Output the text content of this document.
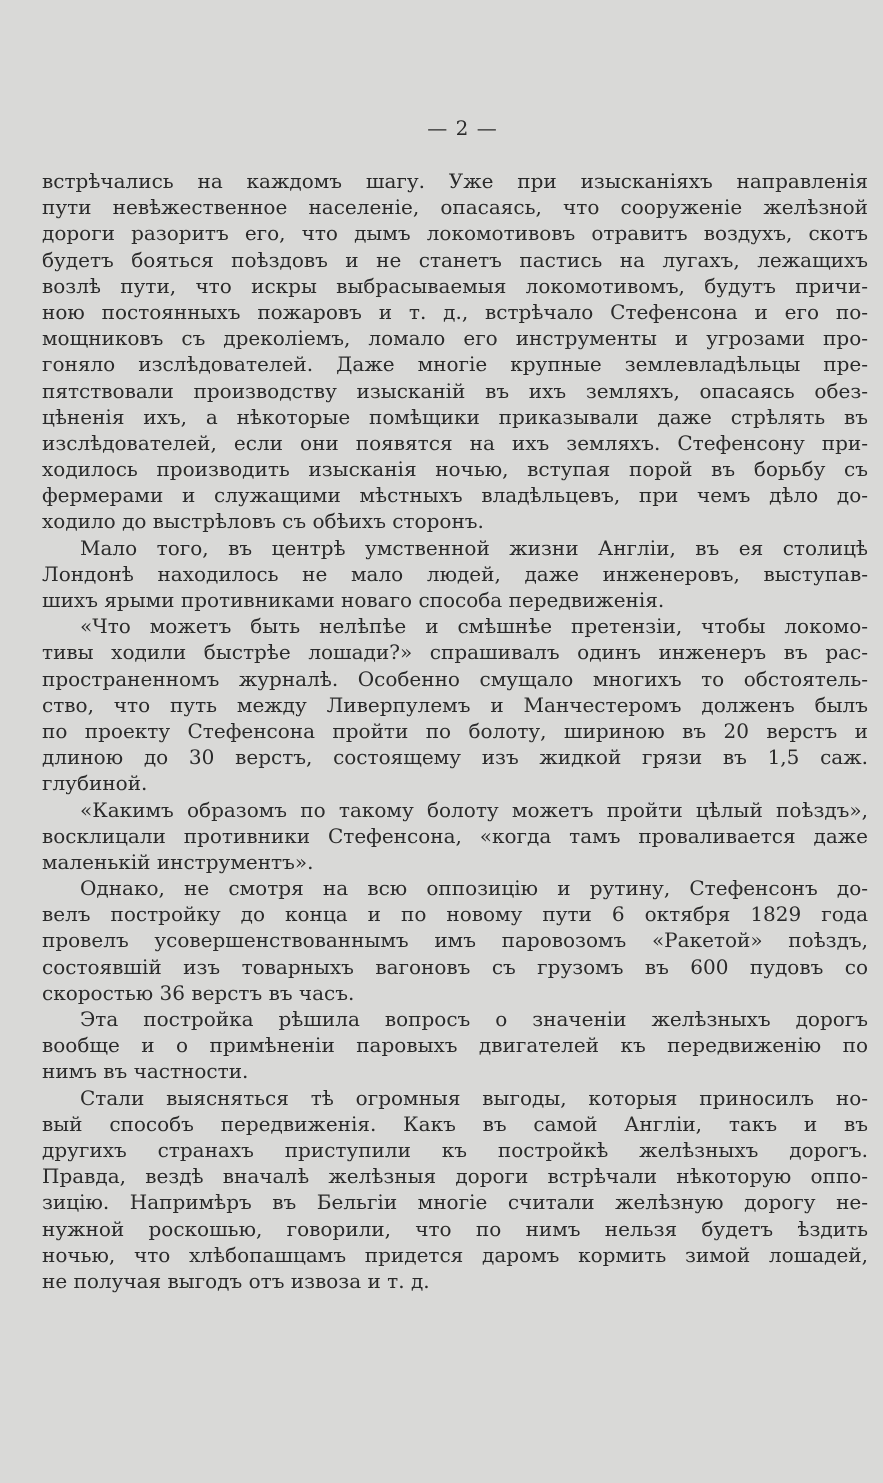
— 2 —
встрѣчались на каждомъ шагу. Уже при изысканіяхъ направленія
пути невѣжественное населеніе, опасаясь, что сооруженіе желѣзной
дороги разоритъ его, что дымъ локомотивовъ отравитъ воздухъ, скотъ
будетъ бояться поѣздовъ и не станетъ пастись на лугахъ, лежащихъ
возлѣ пути, что искры выбрасываемыя локомотивомъ, будутъ причи-
ною постоянныхъ пожаровъ и т. д., встрѣчало Стефенсона и его по-
мощниковъ съ дреколіемъ, ломало его инструменты и угрозами про-
гоняло изслѣдователей. Даже многіе крупные землевладѣльцы пре-
пятствовали производству изысканій въ ихъ земляхъ, опасаясь обез-
цѣненія ихъ, а нѣкоторые помѣщики приказывали даже стрѣлять въ
изслѣдователей, если они появятся на ихъ земляхъ. Стефенсону при-
ходилось производить изысканія ночью, вступая порой въ борьбу съ
фермерами и служащими мѣстныхъ владѣльцевъ, при чемъ дѣло до-
ходило до выстрѣловъ съ обѣихъ сторонъ.
Мало того, въ центрѣ умственной жизни Англіи, въ ея столицѣ
Лондонѣ находилось не мало людей, даже инженеровъ, выступав-
шихъ ярыми противниками новаго способа передвиженія.
«Что можетъ быть нелѣпѣе и смѣшнѣе претензіи, чтобы локомо-
тивы ходили быстрѣе лошади?» спрашивалъ одинъ инженеръ въ рас-
пространенномъ журналѣ. Особенно смущало многихъ то обстоятель-
ство, что путь между Ливерпулемъ и Манчестеромъ долженъ былъ
по проекту Стефенсона пройти по болоту, шириною въ 20 верстъ и
длиною до 30 верстъ, состоящему изъ жидкой грязи въ 1,5 саж.
глубиной.
«Какимъ образомъ по такому болоту можетъ пройти цѣлый поѣздъ»,
восклицали противники Стефенсона, «когда тамъ проваливается даже
маленькій инструментъ».
Однако, не смотря на всю оппозицію и рутину, Стефенсонъ до-
велъ постройку до конца и по новому пути 6 октября 1829 года
провелъ усовершенствованнымъ имъ паровозомъ «Ракетой» поѣздъ,
состоявшій изъ товарныхъ вагоновъ съ грузомъ въ 600 пудовъ со
скоростью 36 верстъ въ часъ.
Эта постройка рѣшила вопросъ о значеніи желѣзныхъ дорогъ
вообще и о примѣненіи паровыхъ двигателей къ передвиженію по
нимъ въ частности.
Стали выясняться тѣ огромныя выгоды, которыя приносилъ но-
вый способъ передвиженія. Какъ въ самой Англіи, такъ и въ
другихъ странахъ приступили къ постройкѣ желѣзныхъ дорогъ.
Правда, вездѣ вначалѣ желѣзныя дороги встрѣчали нѣкоторую оппо-
зицію. Напримѣръ въ Бельгіи многіе считали желѣзную дорогу не-
нужной роскошью, говорили, что по нимъ нельзя будетъ ѣздить
ночью, что хлѣбопашцамъ придется даромъ кормить зимой лошадей,
не получая выгодъ отъ извоза и т. д.
